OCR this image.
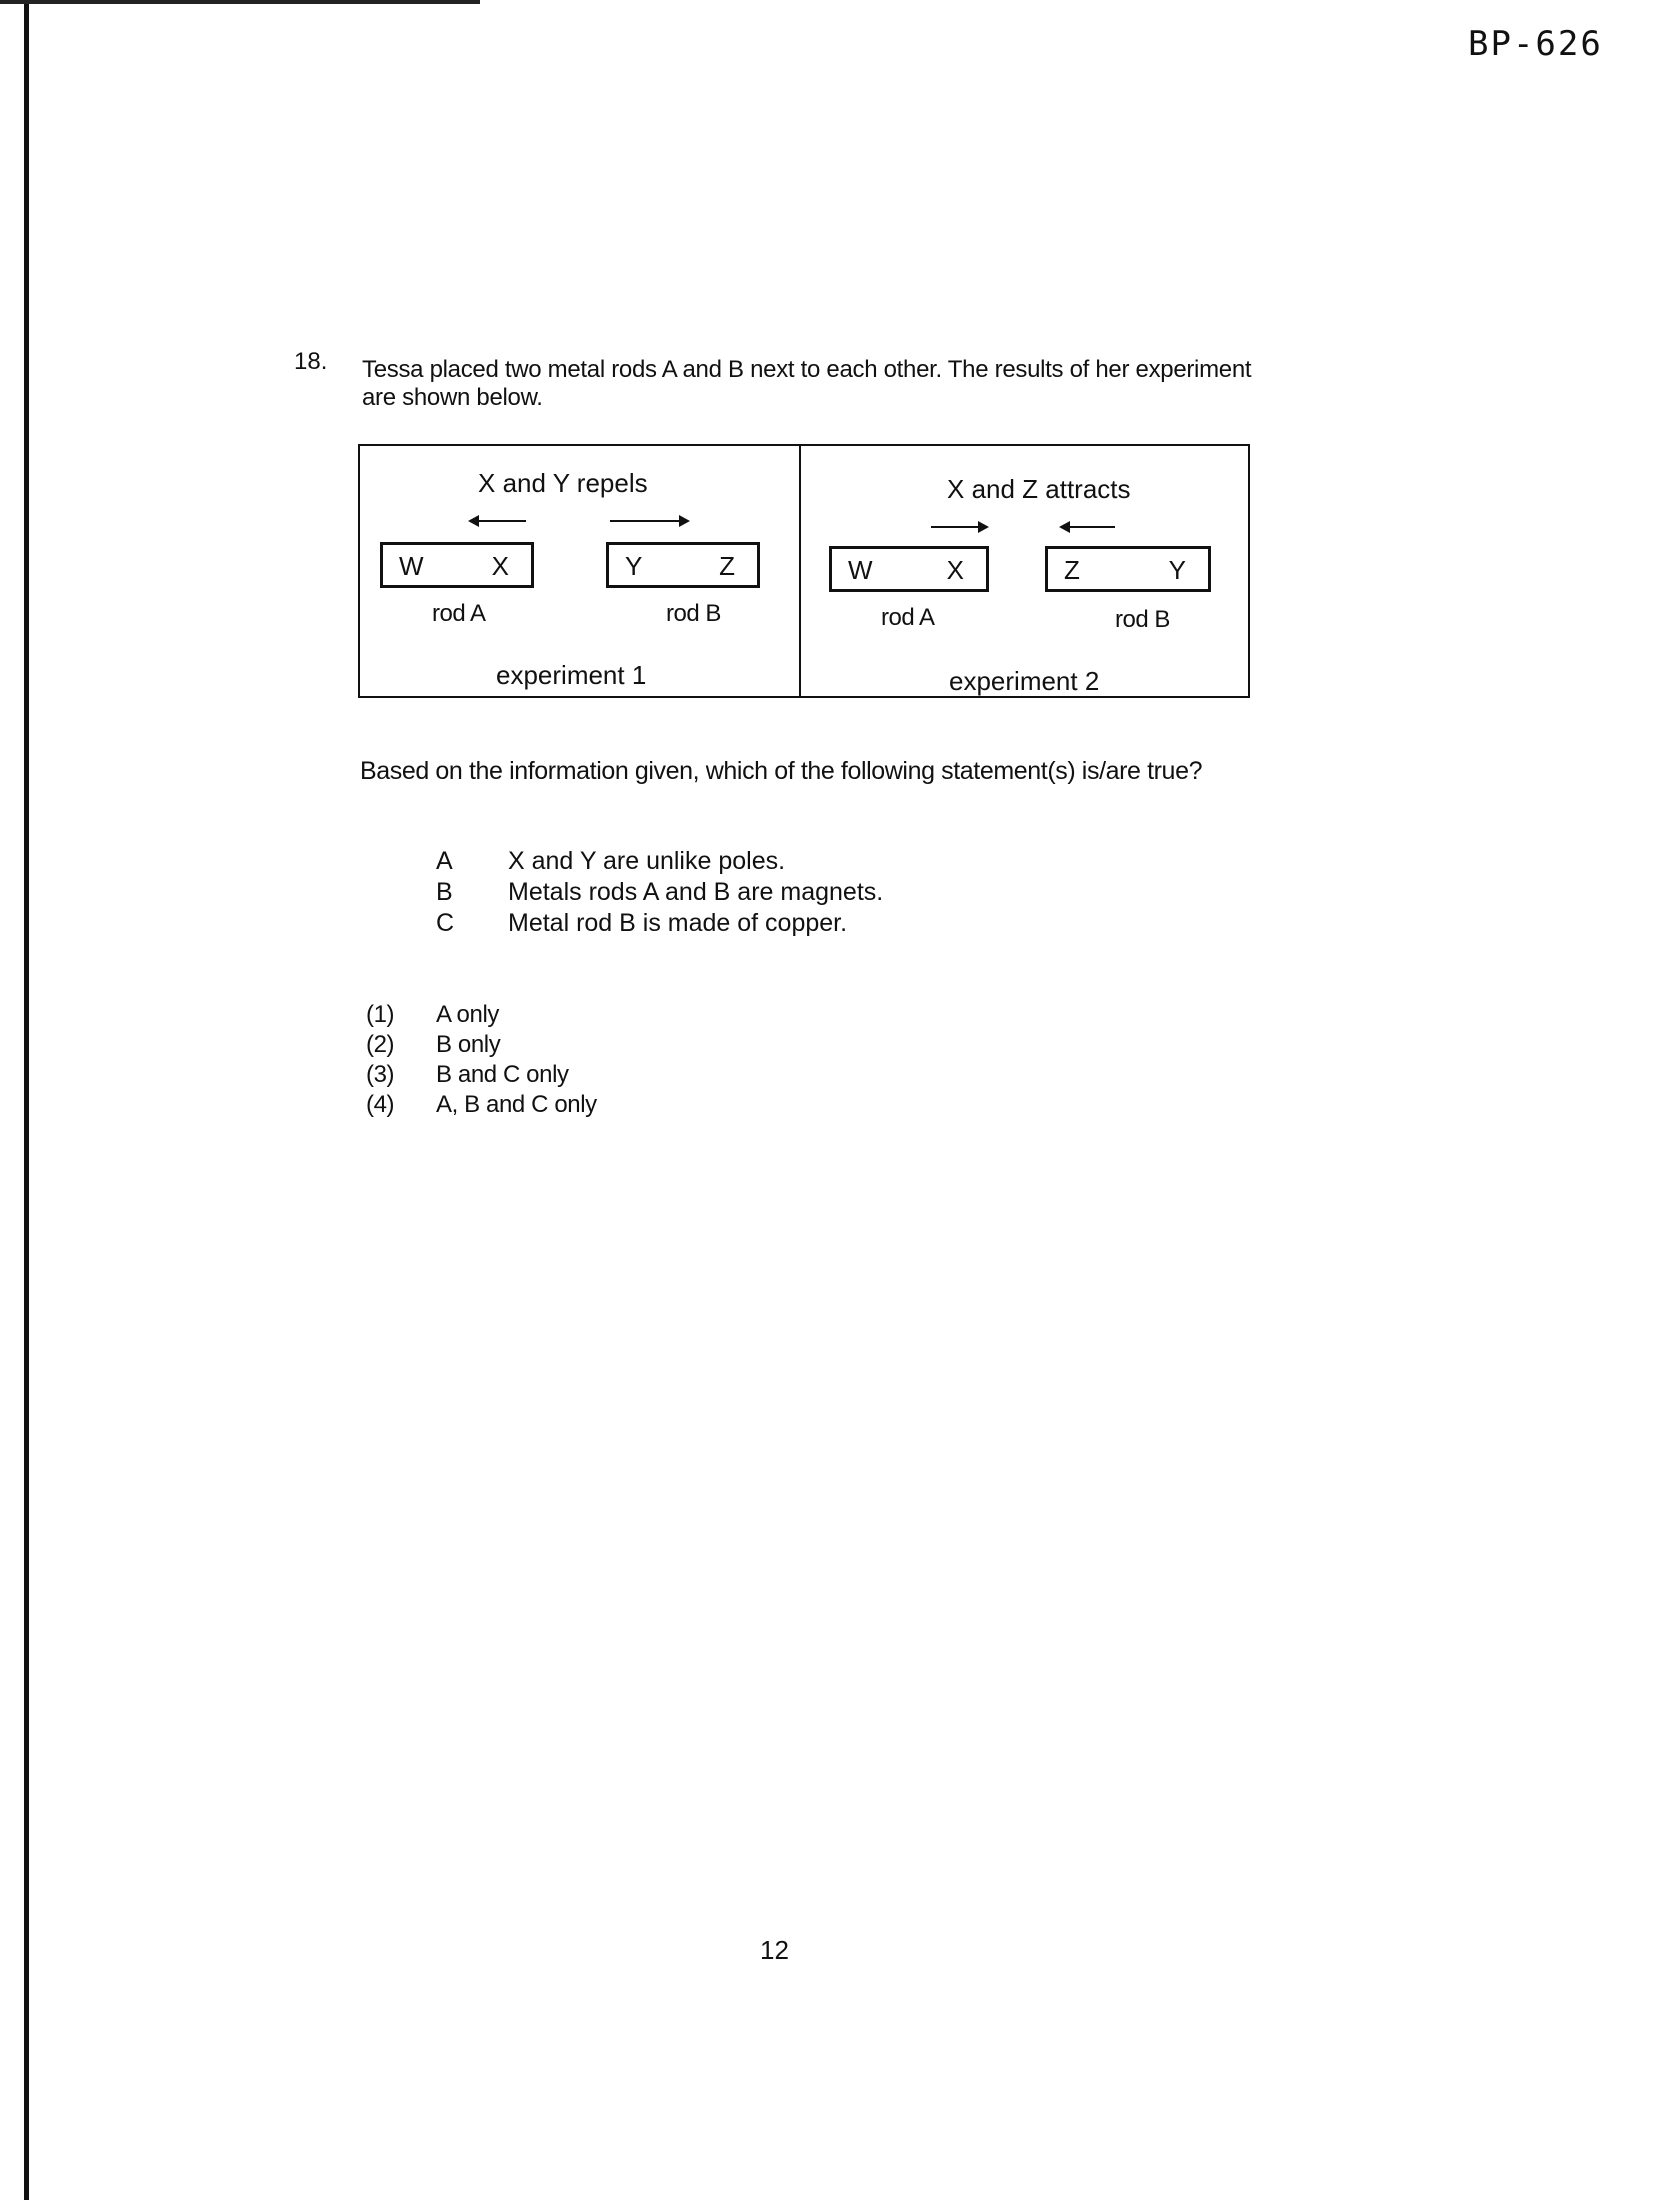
BP-626
18. Tessa placed two metal rods A and B next to each other. The results of her experiment are shown below.
X and Y repels
W	X	Y	Z
rod A	rod B
experiment 1
X and Z attracts
W	X	Z	Y
rod A	rod B
experiment 2
Based on the information given, which of the following statement(s) is/are true?
A	X and Y are unlike poles.
B	Metals rods A and B are magnets.
C	Metal rod B is made of copper.
(1)	A only
(2)	B only
(3)	B and C only
(4)	A, B and C only
12
